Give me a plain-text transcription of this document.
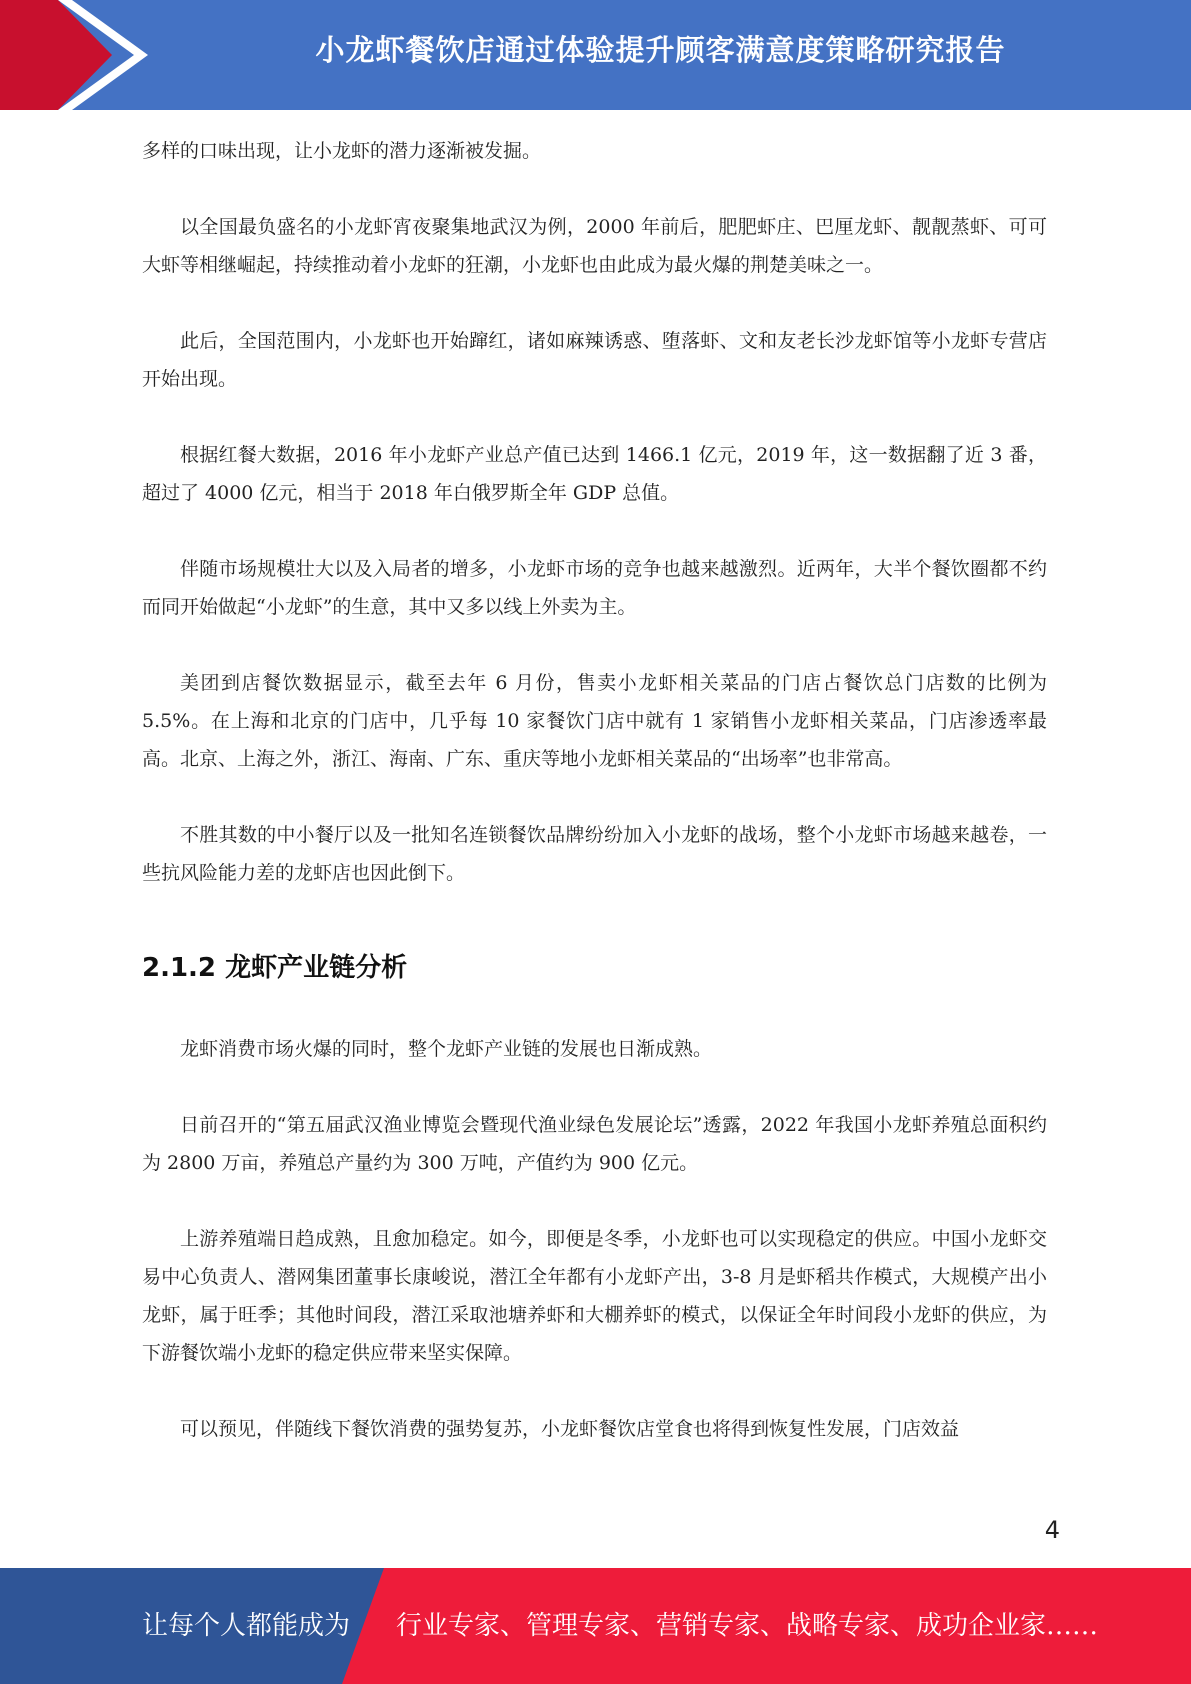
小龙虾餐饮店通过体验提升顾客满意度策略研究报告

多样的口味出现，让小龙虾的潜力逐渐被发掘。

以全国最负盛名的小龙虾宵夜聚集地武汉为例，2000 年前后，肥肥虾庄、巴厘龙虾、靓靓蒸虾、可可大虾等相继崛起，持续推动着小龙虾的狂潮，小龙虾也由此成为最火爆的荆楚美味之一。

此后，全国范围内，小龙虾也开始蹿红，诸如麻辣诱惑、堕落虾、文和友老长沙龙虾馆等小龙虾专营店开始出现。

根据红餐大数据，2016 年小龙虾产业总产值已达到 1466.1 亿元，2019 年，这一数据翻了近 3 番，超过了 4000 亿元，相当于 2018 年白俄罗斯全年 GDP 总值。

伴随市场规模壮大以及入局者的增多，小龙虾市场的竞争也越来越激烈。近两年，大半个餐饮圈都不约而同开始做起“小龙虾”的生意，其中又多以线上外卖为主。

美团到店餐饮数据显示，截至去年 6 月份，售卖小龙虾相关菜品的门店占餐饮总门店数的比例为 5.5%。在上海和北京的门店中，几乎每 10 家餐饮门店中就有 1 家销售小龙虾相关菜品，门店渗透率最高。北京、上海之外，浙江、海南、广东、重庆等地小龙虾相关菜品的“出场率”也非常高。

不胜其数的中小餐厅以及一批知名连锁餐饮品牌纷纷加入小龙虾的战场，整个小龙虾市场越来越卷，一些抗风险能力差的龙虾店也因此倒下。

2.1.2 龙虾产业链分析

龙虾消费市场火爆的同时，整个龙虾产业链的发展也日渐成熟。

日前召开的“第五届武汉渔业博览会暨现代渔业绿色发展论坛”透露，2022 年我国小龙虾养殖总面积约为 2800 万亩，养殖总产量约为 300 万吨，产值约为 900 亿元。

上游养殖端日趋成熟，且愈加稳定。如今，即便是冬季，小龙虾也可以实现稳定的供应。中国小龙虾交易中心负责人、潜网集团董事长康峻说，潜江全年都有小龙虾产出，3-8 月是虾稻共作模式，大规模产出小龙虾，属于旺季；其他时间段，潜江采取池塘养虾和大棚养虾的模式，以保证全年时间段小龙虾的供应，为下游餐饮端小龙虾的稳定供应带来坚实保障。

可以预见，伴随线下餐饮消费的强势复苏，小龙虾餐饮店堂食也将得到恢复性发展，门店效益

4
让每个人都能成为 行业专家、管理专家、营销专家、战略专家、成功企业家……
